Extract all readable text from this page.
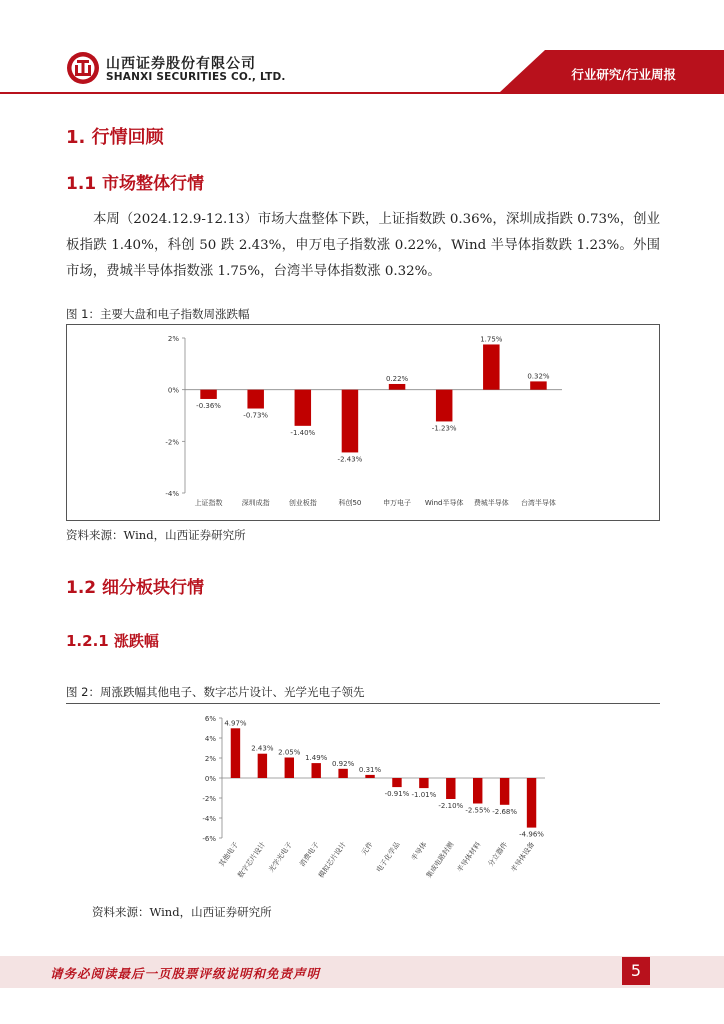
山西证券股份有限公司
SHANXI SECURITIES CO., LTD.	行业研究/行业周报
1. 行情回顾
1.1 市场整体行情
本周（2024.12.9-12.13）市场大盘整体下跌，上证指数跌 0.36%，深圳成指跌 0.73%，创业板指跌 1.40%，科创 50 跌 2.43%，申万电子指数涨 0.22%，Wind 半导体指数跌 1.23%。外围市场，费城半导体指数涨 1.75%，台湾半导体指数涨 0.32%。
图 1：主要大盘和电子指数周涨跌幅
2%
0%
-2%
-4%
-0.36%
上证指数
-0.73%
深圳成指
-1.40%
创业板指
-2.43%
科创50
0.22%
申万电子
-1.23%
Wind半导体
1.75%
费城半导体
0.32%
台湾半导体
资料来源：Wind，山西证券研究所
1.2 细分板块行情
1.2.1 涨跌幅
图 2：周涨跌幅其他电子、数字芯片设计、光学光电子领先
6%
4%
2%
0%
-2%
-4%
-6%
4.97%
其他电子
2.43%
数字芯片设计
2.05%
光学光电子
1.49%
消费电子
0.92%
模拟芯片设计
0.31%
元件
-0.91%
电子化学品
-1.01%
半导体
-2.10%
集成电路封测
-2.55%
半导体材料
-2.68%
分立器件
-4.96%
半导体设备
资料来源：Wind，山西证券研究所
请务必阅读最后一页股票评级说明和免责声明	5
